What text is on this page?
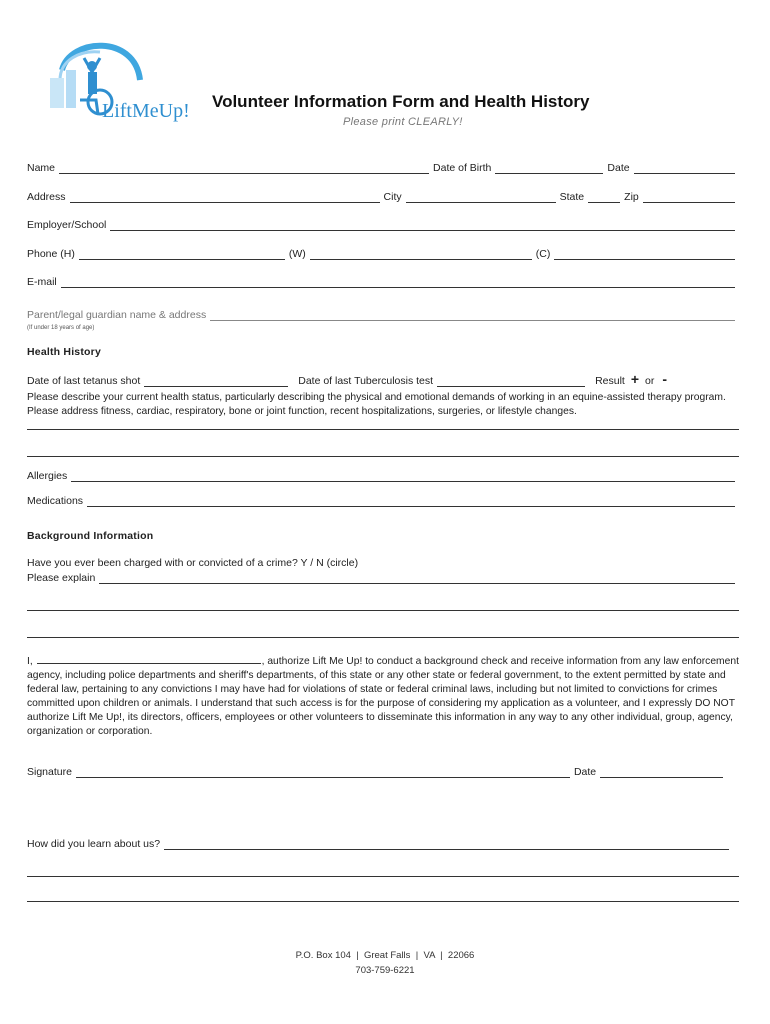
LiftMeUp! Volunteer Information Form and Health History
Please print CLEARLY!
Name	Date of Birth	Date
Address	City	State	Zip
Employer/School
Phone (H)	(W)	(C)
E-mail
Parent/legal guardian name & address
(If under 18 years of age)
Health History
Date of last tetanus shot	Date of last Tuberculosis test	Result + or -
Please describe your current health status, particularly describing the physical and emotional demands of working in an equine-assisted therapy program. Please address fitness, cardiac, respiratory, bone or joint function, recent hospitalizations, surgeries, or lifestyle changes.
Allergies
Medications
Background Information
Have you ever been charged with or convicted of a crime? Y / N (circle)
Please explain
I,	, authorize Lift Me Up! to conduct a background check and receive information from any law enforcement agency, including police departments and sheriff's departments, of this state or any other state or federal government, to the extent permitted by state and federal law, pertaining to any convictions I may have had for violations of state or federal criminal laws, including but not limited to convictions for crimes committed upon children or animals. I understand that such access is for the purpose of considering my application as a volunteer, and I expressly DO NOT authorize Lift Me Up!, its directors, officers, employees or other volunteers to disseminate this information in any way to any other individual, group, agency, organization or corporation.
Signature	Date
How did you learn about us?
P.O. Box 104  |  Great Falls  |  VA  |  22066
703-759-6221
